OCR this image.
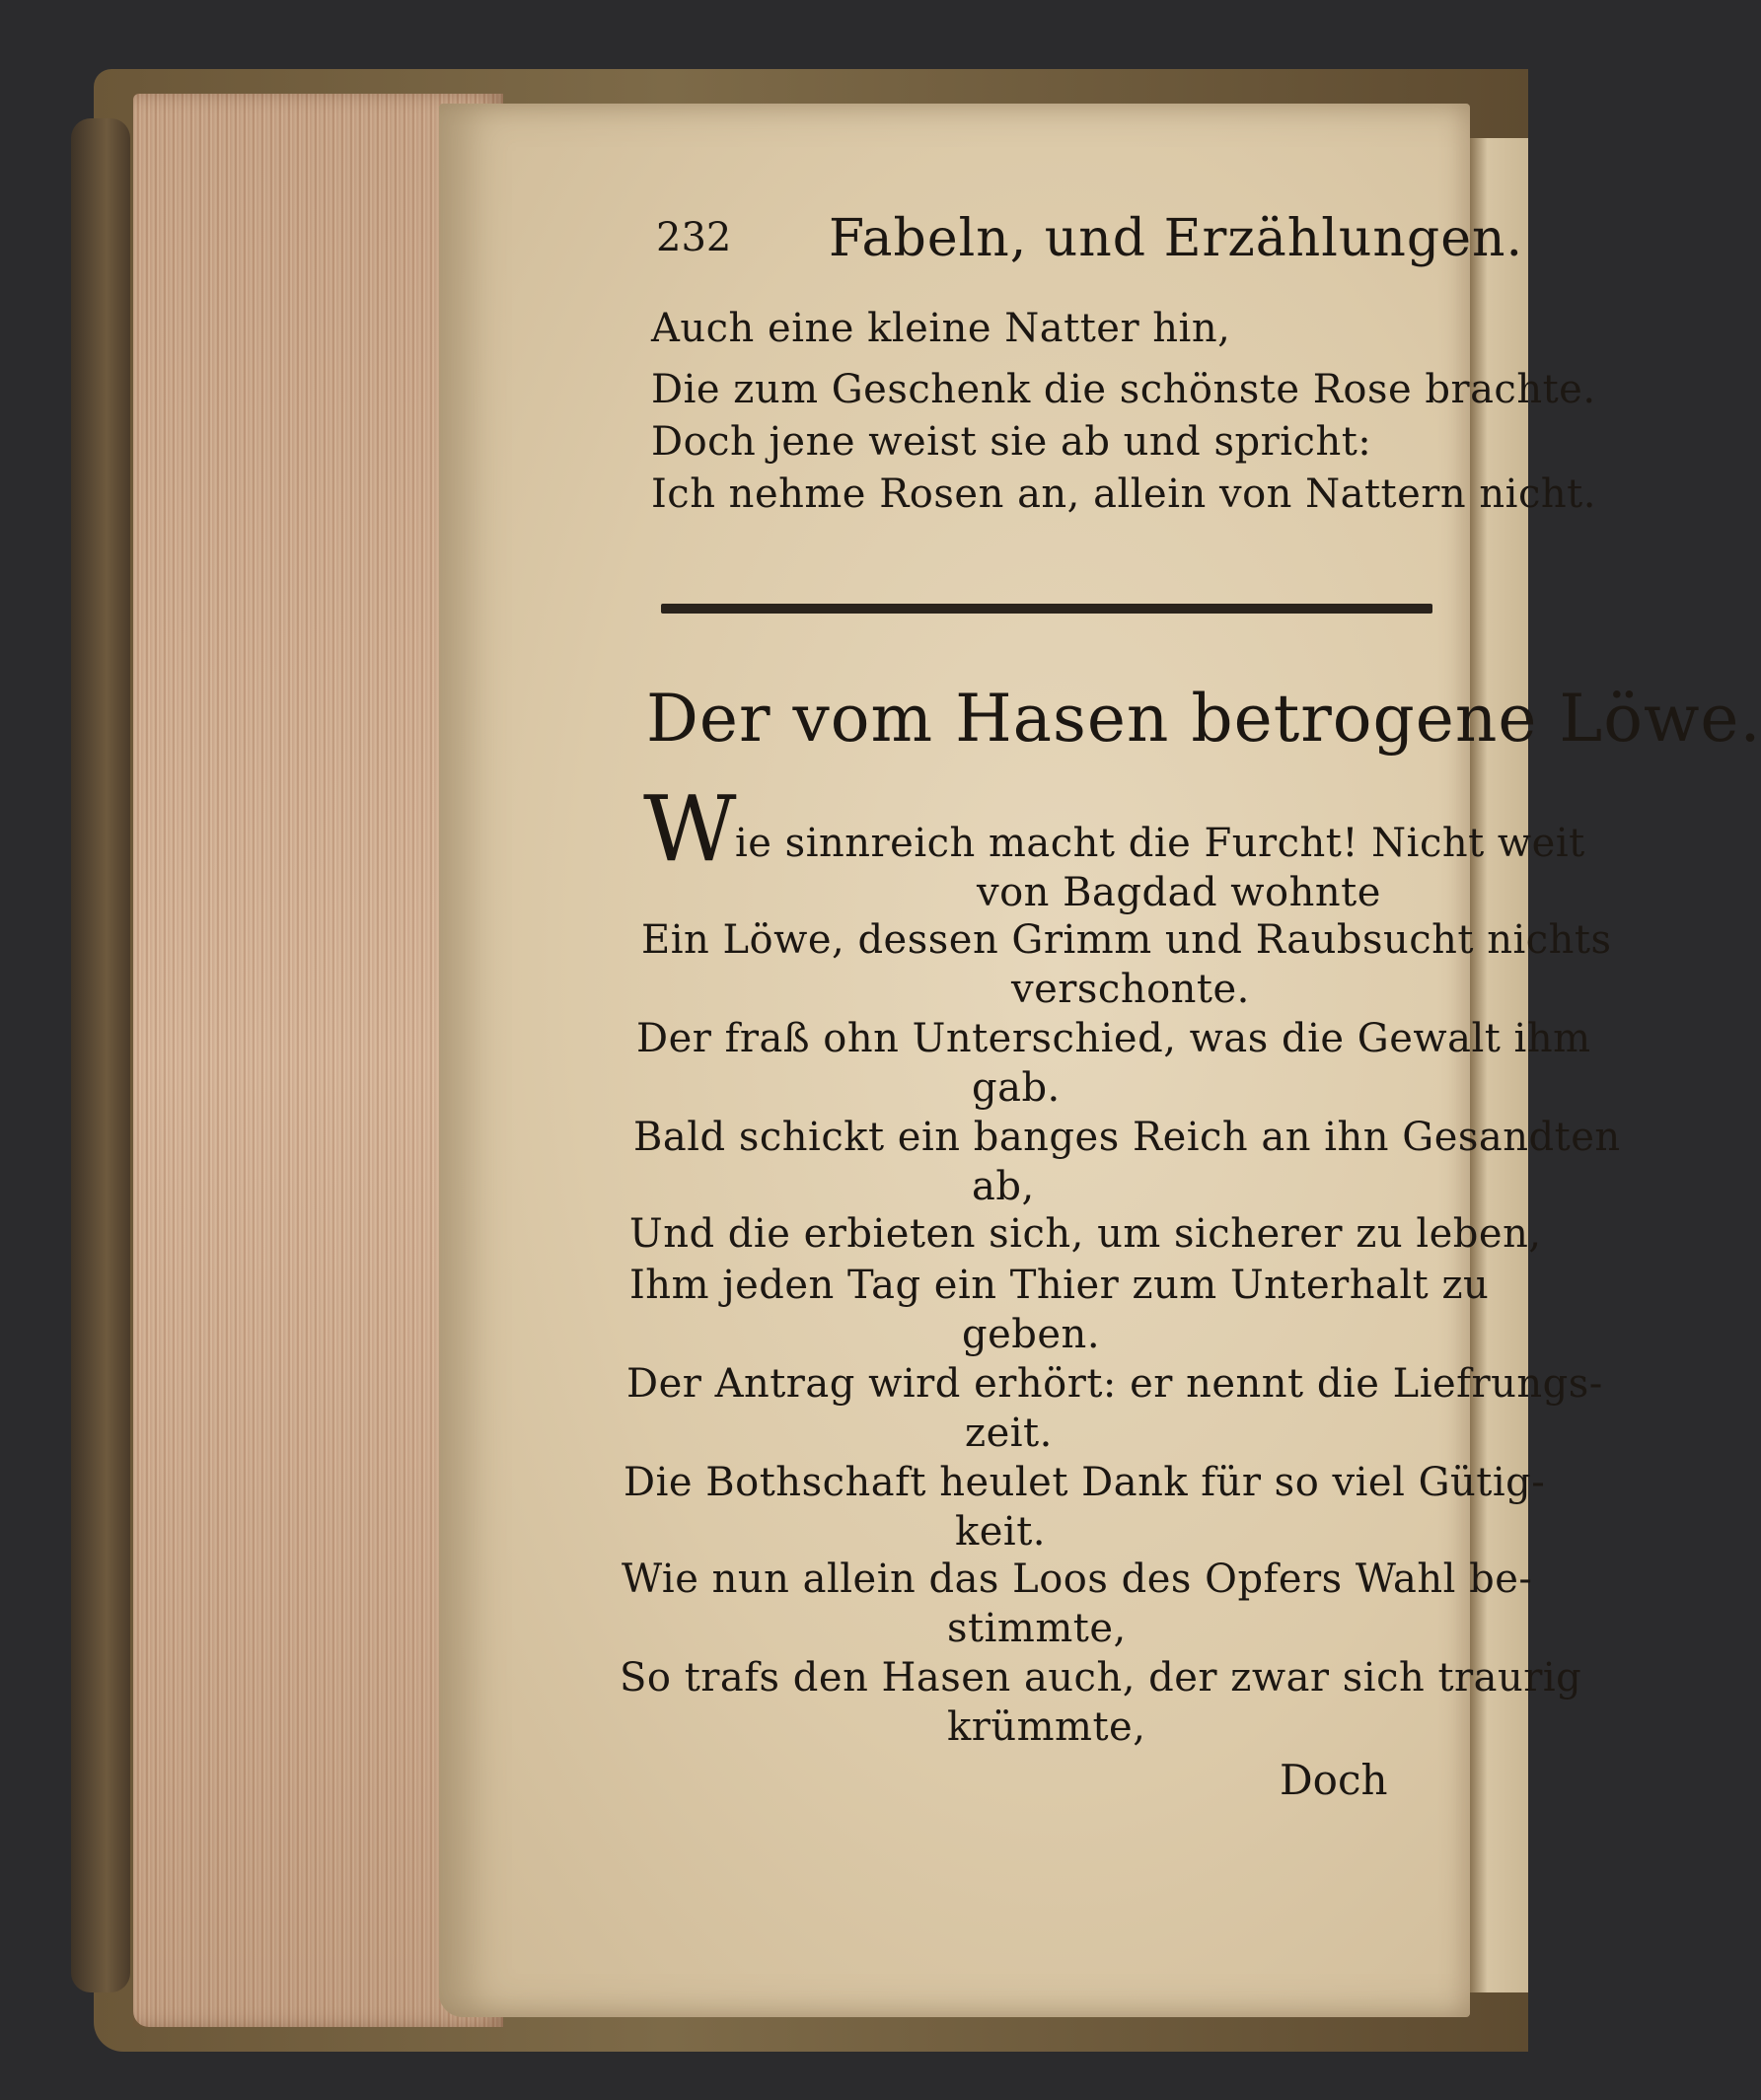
232 Fabeln, und Erzählungen.
Auch eine kleine Natter hin,
Die zum Geschenk die schönste Rose brachte.
Doch jene weist sie ab und spricht:
Ich nehme Rosen an, allein von Nattern nicht.
Der vom Hasen betrogene Löwe.
W
ie sinnreich macht die Furcht! Nicht weit
von Bagdad wohnte
Ein Löwe, dessen Grimm und Raubsucht nichts
verschonte.
Der fraß ohn Unterschied, was die Gewalt ihm
gab.
Bald schickt ein banges Reich an ihn Gesandten
ab,
Und die erbieten sich, um sicherer zu leben,
Ihm jeden Tag ein Thier zum Unterhalt zu
geben.
Der Antrag wird erhört: er nennt die Liefrungs-
zeit.
Die Bothschaft heulet Dank für so viel Gütig-
keit.
Wie nun allein das Loos des Opfers Wahl be-
stimmte,
So trafs den Hasen auch, der zwar sich traurig
krümmte,
Doch
